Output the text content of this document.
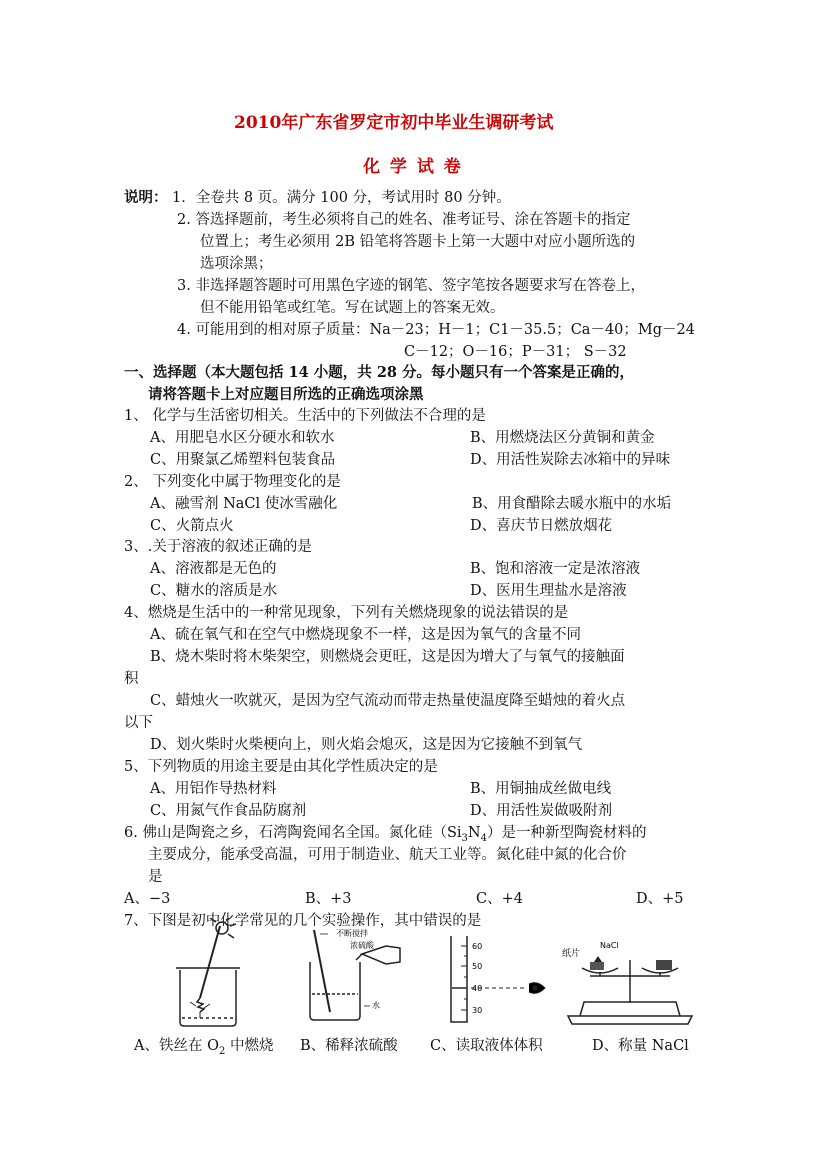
2010年广东省罗定市初中毕业生调研考试
化 学 试 卷
说明： 1．全卷共 8 页。满分 100 分，考试用时 80 分钟。
2. 答选择题前，考生必须将自己的姓名、准考证号、涂在答题卡的指定
位置上；考生必须用 2B 铅笔将答题卡上第一大题中对应小题所选的
选项涂黑；
3. 非选择题答题时可用黑色字迹的钢笔、签字笔按各题要求写在答卷上，
但不能用铅笔或红笔。写在试题上的答案无效。
4. 可能用到的相对原子质量：Na－23；H－1；C1－35.5；Ca－40；Mg－24
C－12；O－16；P－31； S－32
一、选择题（本大题包括 14 小题，共 28 分。每小题只有一个答案是正确的，
请将答题卡上对应题目所选的正确选项涂黑
1、 化学与生活密切相关。生活中的下列做法不合理的是
A、用肥皂水区分硬水和软水	B、用燃烧法区分黄铜和黄金
C、用聚氯乙烯塑料包装食品	D、用活性炭除去冰箱中的异味
2、 下列变化中属于物理变化的是
A、融雪剂 NaCl 使冰雪融化	B、用食醋除去暖水瓶中的水垢
C、火箭点火	D、喜庆节日燃放烟花
3、.关于溶液的叙述正确的是
A、溶液都是无色的	B、饱和溶液一定是浓溶液
C、糖水的溶质是水	D、医用生理盐水是溶液
4、燃烧是生活中的一种常见现象，下列有关燃烧现象的说法错误的是
A、硫在氧气和在空气中燃烧现象不一样，这是因为氧气的含量不同
B、烧木柴时将木柴架空，则燃烧会更旺，这是因为增大了与氧气的接触面
积
C、蜡烛火一吹就灭，是因为空气流动而带走热量使温度降至蜡烛的着火点
以下
D、划火柴时火柴梗向上，则火焰会熄灭，这是因为它接触不到氧气
5、下列物质的用途主要是由其化学性质决定的是
A、用铝作导热材料	B、用铜抽成丝做电线
C、用氮气作食品防腐剂	D、用活性炭做吸附剂
6. 佛山是陶瓷之乡，石湾陶瓷闻名全国。氮化硅$(Si_3N_4)$是一种新型陶瓷材料的
主要成分，能承受高温，可用于制造业、航天工业等。氮化硅中氮的化合价
是
A、−3	B、+3	C、+4	D、+5
7、下图是初中化学常见的几个实验操作，其中错误的是
不断搅拌
浓硫酸
水
60
50
40
30
纸片
NaCl
A、铁丝在 $O_2$ 中燃烧 B、稀释浓硫酸 C、读取液体体积	D、称量 NaCl
